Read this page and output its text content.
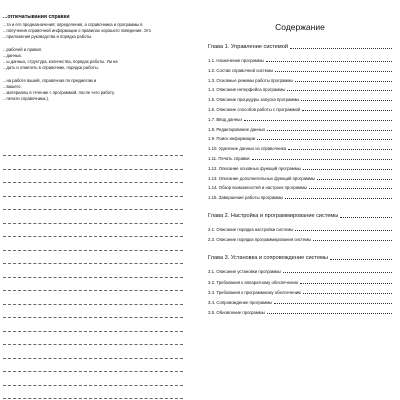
...отпечатывания справки
...та и его предназначения; определения, а справочника и программы в
...получения справочной информации о правилах хорошего поведения. Это
...приложения руководства и порядка работы.
...рабочей и правил.
...данных.
...ы данных, структура, количества, порядок работы. Ум на
...дать и отметить в справочник, порядок работы.
...на работе вашей, справочная по предметам и
...вашего.
...материалы в течение с программой, после чего работу.
...печати справочника.).
Содержание
Глава 1. Управление системой
1.1. Назначение программы
1.2. Состав справочной системы
1.3. Основные режимы работы программы
1.4. Описание интерфейса программы
1.5. Описание процедуры запуска программы
1.6. Описание способов работы с программой
1.7. Ввод данных
1.8. Редактирование данных
1.9. Поиск информации
1.10. Удаление данных из справочника
1.11. Печать справки
1.12. Описание основных функций программы
1.13. Описание дополнительных функций программы
1.14. Обзор возможностей и настроек программы
1.15. Завершение работы программы
Глава 2. Настройка и программирование системы
2.1. Описание порядка настройки системы
2.2. Описание порядка программирования системы
Глава 3. Установка и сопровождение системы
3.1. Описание установки программы
3.2. Требования к аппаратному обеспечению
3.3. Требования к программному обеспечению
3.4. Сопровождение программы
3.5. Обновление программы
